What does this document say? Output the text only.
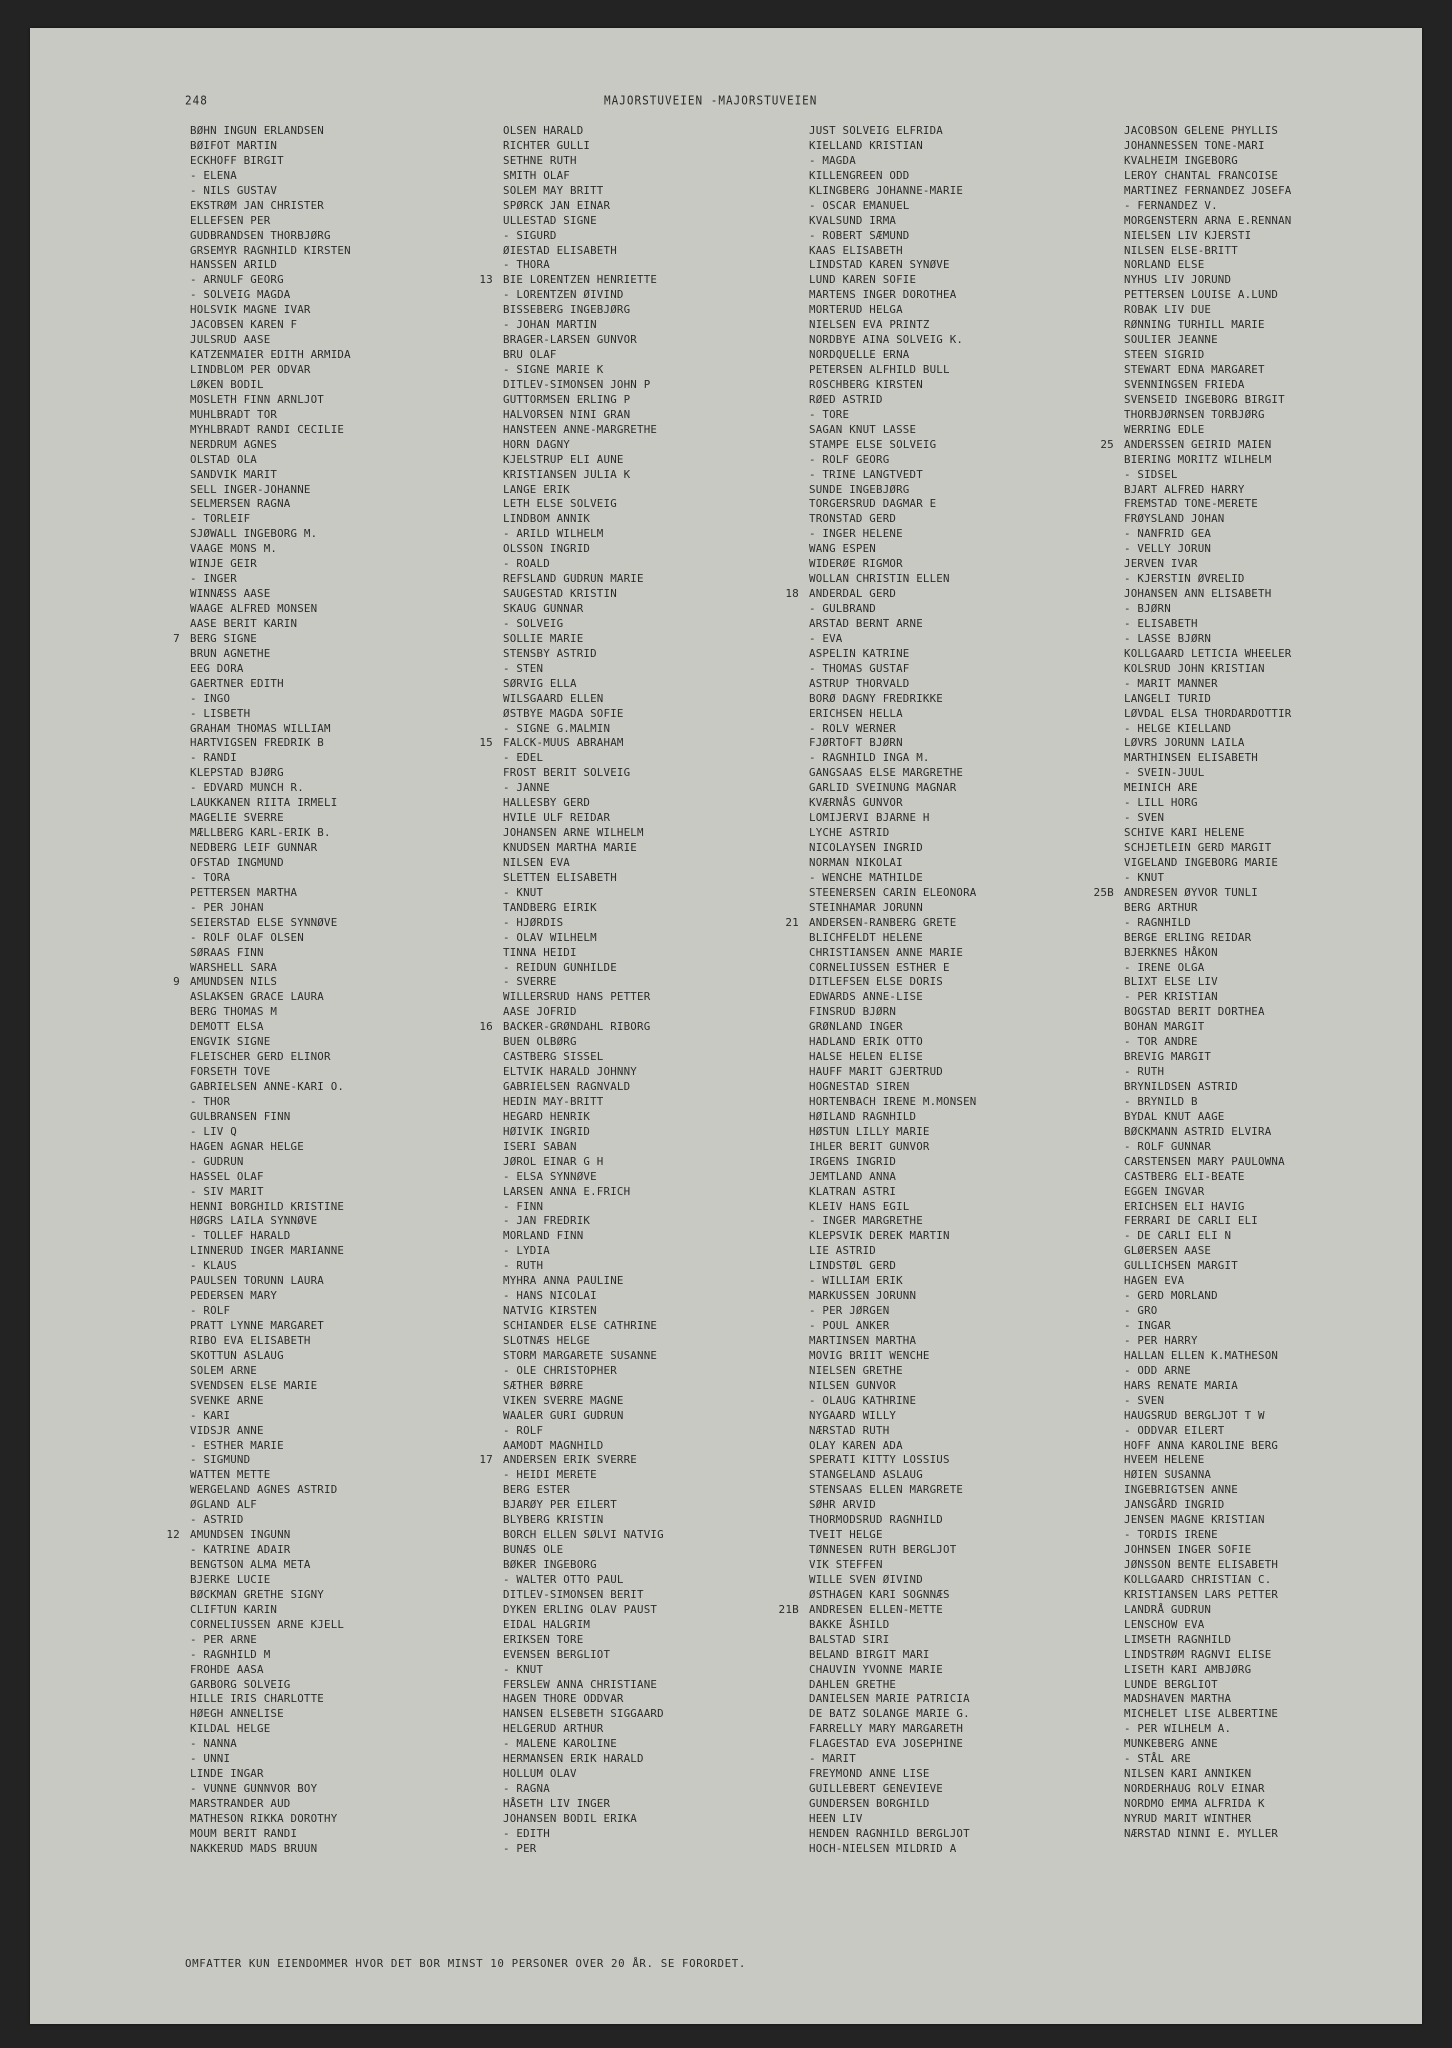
248	MAJORSTUVEIEN -MAJORSTUVEIEN
BØHN INGUN ERLANDSEN
BØIFOT MARTIN
ECKHOFF BIRGIT
- ELENA
- NILS GUSTAV
EKSTRØM JAN CHRISTER
ELLEFSEN PER
GUDBRANDSEN THORBJØRG
GRSEMYR RAGNHILD KIRSTEN
HANSSEN ARILD
- ARNULF GEORG
- SOLVEIG MAGDA
HOLSVIK MAGNE IVAR
JACOBSEN KAREN F
JULSRUD AASE
KATZENMAIER EDITH ARMIDA
LINDBLOM PER ODVAR
LØKEN BODIL
MOSLETH FINN ARNLJOT
MUHLBRADT TOR
MYHLBRADT RANDI CECILIE
NERDRUM AGNES
OLSTAD OLA
SANDVIK MARIT
SELL INGER-JOHANNE
SELMERSEN RAGNA
- TORLEIF
SJØWALL INGEBORG M.
VAAGE MONS M.
WINJE GEIR
- INGER
WINNÆSS AASE
WAAGE ALFRED MONSEN
AASE BERIT KARIN
7 BERG SIGNE
BRUN AGNETHE
EEG DORA
GAERTNER EDITH
- INGO
- LISBETH
GRAHAM THOMAS WILLIAM
HARTVIGSEN FREDRIK B
- RANDI
KLEPSTAD BJØRG
- EDVARD MUNCH R.
LAUKKANEN RIITA IRMELI
MAGELIE SVERRE
MÆLLBERG KARL-ERIK B.
NEDBERG LEIF GUNNAR
OFSTAD INGMUND
- TORA
PETTERSEN MARTHA
- PER JOHAN
SEIERSTAD ELSE SYNNØVE
- ROLF OLAF OLSEN
SØRAAS FINN
WARSHELL SARA
9 AMUNDSEN NILS
ASLAKSEN GRACE LAURA
BERG THOMAS M
DEMOTT ELSA
ENGVIK SIGNE
FLEISCHER GERD ELINOR
FORSETH TOVE
GABRIELSEN ANNE-KARI O.
- THOR
GULBRANSEN FINN
- LIV Q
HAGEN AGNAR HELGE
- GUDRUN
HASSEL OLAF
- SIV MARIT
HENNI BORGHILD KRISTINE
HØGRS LAILA SYNNØVE
- TOLLEF HARALD
LINNERUD INGER MARIANNE
- KLAUS
PAULSEN TORUNN LAURA
PEDERSEN MARY
- ROLF
PRATT LYNNE MARGARET
RIBO EVA ELISABETH
SKOTTUN ASLAUG
SOLEM ARNE
SVENDSEN ELSE MARIE
SVENKE ARNE
- KARI
VIDSJR ANNE
- ESTHER MARIE
- SIGMUND
WATTEN METTE
WERGELAND AGNES ASTRID
ØGLAND ALF
- ASTRID
12 AMUNDSEN INGUNN
- KATRINE ADAIR
BENGTSON ALMA META
BJERKE LUCIE
BØCKMAN GRETHE SIGNY
CLIFTUN KARIN
CORNELIUSSEN ARNE KJELL
- PER ARNE
- RAGNHILD M
FROHDE AASA
GARBORG SOLVEIG
HILLE IRIS CHARLOTTE
HØEGH ANNELISE
KILDAL HELGE
- NANNA
- UNNI
LINDE INGAR
- VUNNE GUNNVOR BOY
MARSTRANDER AUD
MATHESON RIKKA DOROTHY
MOUM BERIT RANDI
NAKKERUD MADS BRUUN
OLSEN HARALD
RICHTER GULLI
SETHNE RUTH
SMITH OLAF
SOLEM MAY BRITT
SPØRCK JAN EINAR
ULLESTAD SIGNE
- SIGURD
ØIESTAD ELISABETH
- THORA
13 BIE LORENTZEN HENRIETTE
- LORENTZEN ØIVIND
BISSEBERG INGEBJØRG
- JOHAN MARTIN
BRAGER-LARSEN GUNVOR
BRU OLAF
- SIGNE MARIE K
DITLEV-SIMONSEN JOHN P
GUTTORMSEN ERLING P
HALVORSEN NINI GRAN
HANSTEEN ANNE-MARGRETHE
HORN DAGNY
KJELSTRUP ELI AUNE
KRISTIANSEN JULIA K
LANGE ERIK
LETH ELSE SOLVEIG
LINDBOM ANNIK
- ARILD WILHELM
OLSSON INGRID
- ROALD
REFSLAND GUDRUN MARIE
SAUGESTAD KRISTIN
SKAUG GUNNAR
- SOLVEIG
SOLLIE MARIE
STENSBY ASTRID
- STEN
SØRVIG ELLA
WILSGAARD ELLEN
ØSTBYE MAGDA SOFIE
- SIGNE G.MALMIN
15 FALCK-MUUS ABRAHAM
- EDEL
FROST BERIT SOLVEIG
- JANNE
HALLESBY GERD
HVILE ULF REIDAR
JOHANSEN ARNE WILHELM
KNUDSEN MARTHA MARIE
NILSEN EVA
SLETTEN ELISABETH
- KNUT
TANDBERG EIRIK
- HJØRDIS
- OLAV WILHELM
TINNA HEIDI
- REIDUN GUNHILDE
- SVERRE
WILLERSRUD HANS PETTER
AASE JOFRID
16 BACKER-GRØNDAHL RIBORG
BUEN OLBØRG
CASTBERG SISSEL
ELTVIK HARALD JOHNNY
GABRIELSEN RAGNVALD
HEDIN MAY-BRITT
HEGARD HENRIK
HØIVIK INGRID
ISERI SABAN
JØROL EINAR G H
- ELSA SYNNØVE
LARSEN ANNA E.FRICH
- FINN
- JAN FREDRIK
MORLAND FINN
- LYDIA
- RUTH
MYHRA ANNA PAULINE
- HANS NICOLAI
NATVIG KIRSTEN
SCHIANDER ELSE CATHRINE
SLOTNÆS HELGE
STORM MARGARETE SUSANNE
- OLE CHRISTOPHER
SÆTHER BØRRE
VIKEN SVERRE MAGNE
WAALER GURI GUDRUN
- ROLF
AAMODT MAGNHILD
17 ANDERSEN ERIK SVERRE
- HEIDI MERETE
BERG ESTER
BJARØY PER EILERT
BLYBERG KRISTIN
BORCH ELLEN SØLVI NATVIG
BUNÆS OLE
BØKER INGEBORG
- WALTER OTTO PAUL
DITLEV-SIMONSEN BERIT
DYKEN ERLING OLAV PAUST
EIDAL HALGRIM
ERIKSEN TORE
EVENSEN BERGLIOT
- KNUT
FERSLEW ANNA CHRISTIANE
HAGEN THORE ODDVAR
HANSEN ELSEBETH SIGGAARD
HELGERUD ARTHUR
- MALENE KAROLINE
HERMANSEN ERIK HARALD
HOLLUM OLAV
- RAGNA
HÅSETH LIV INGER
JOHANSEN BODIL ERIKA
- EDITH
- PER
JUST SOLVEIG ELFRIDA
KIELLAND KRISTIAN
- MAGDA
KILLENGREEN ODD
KLINGBERG JOHANNE-MARIE
- OSCAR EMANUEL
KVALSUND IRMA
- ROBERT SÆMUND
KAAS ELISABETH
LINDSTAD KAREN SYNØVE
LUND KAREN SOFIE
MARTENS INGER DOROTHEA
MORTERUD HELGA
NIELSEN EVA PRINTZ
NORDBYE AINA SOLVEIG K.
NORDQUELLE ERNA
PETERSEN ALFHILD BULL
ROSCHBERG KIRSTEN
RØED ASTRID
- TORE
SAGAN KNUT LASSE
STAMPE ELSE SOLVEIG
- ROLF GEORG
- TRINE LANGTVEDT
SUNDE INGEBJØRG
TORGERSRUD DAGMAR E
TRONSTAD GERD
- INGER HELENE
WANG ESPEN
WIDERØE RIGMOR
WOLLAN CHRISTIN ELLEN
18 ANDERDAL GERD
- GULBRAND
ARSTAD BERNT ARNE
- EVA
ASPELIN KATRINE
- THOMAS GUSTAF
ASTRUP THORVALD
BORØ DAGNY FREDRIKKE
ERICHSEN HELLA
- ROLV WERNER
FJØRTOFT BJØRN
- RAGNHILD INGA M.
GANGSAAS ELSE MARGRETHE
GARLID SVEINUNG MAGNAR
KVÆRNÅS GUNVOR
LOMIJERVI BJARNE H
LYCHE ASTRID
NICOLAYSEN INGRID
NORMAN NIKOLAI
- WENCHE MATHILDE
STEENERSEN CARIN ELEONORA
STEINHAMAR JORUNN
21 ANDERSEN-RANBERG GRETE
BLICHFELDT HELENE
CHRISTIANSEN ANNE MARIE
CORNELIUSSEN ESTHER E
DITLEFSEN ELSE DORIS
EDWARDS ANNE-LISE
FINSRUD BJØRN
GRØNLAND INGER
HADLAND ERIK OTTO
HALSE HELEN ELISE
HAUFF MARIT GJERTRUD
HOGNESTAD SIREN
HORTENBACH IRENE M.MONSEN
HØILAND RAGNHILD
HØSTUN LILLY MARIE
IHLER BERIT GUNVOR
IRGENS INGRID
JEMTLAND ANNA
KLATRAN ASTRI
KLEIV HANS EGIL
- INGER MARGRETHE
KLEPSVIK DEREK MARTIN
LIE ASTRID
LINDSTØL GERD
- WILLIAM ERIK
MARKUSSEN JORUNN
- PER JØRGEN
- POUL ANKER
MARTINSEN MARTHA
MOVIG BRIIT WENCHE
NIELSEN GRETHE
NILSEN GUNVOR
- OLAUG KATHRINE
NYGAARD WILLY
NÆRSTAD RUTH
OLAY KAREN ADA
SPERATI KITTY LOSSIUS
STANGELAND ASLAUG
STENSAAS ELLEN MARGRETE
SØHR ARVID
THORMODSRUD RAGNHILD
TVEIT HELGE
TØNNESEN RUTH BERGLJOT
VIK STEFFEN
WILLE SVEN ØIVIND
ØSTHAGEN KARI SOGNNÆS
21B ANDRESEN ELLEN-METTE
BAKKE ÅSHILD
BALSTAD SIRI
BELAND BIRGIT MARI
CHAUVIN YVONNE MARIE
DAHLEN GRETHE
DANIELSEN MARIE PATRICIA
DE BATZ SOLANGE MARIE G.
FARRELLY MARY MARGARETH
FLAGESTAD EVA JOSEPHINE
- MARIT
FREYMOND ANNE LISE
GUILLEBERT GENEVIEVE
GUNDERSEN BORGHILD
HEEN LIV
HENDEN RAGNHILD BERGLJOT
HOCH-NIELSEN MILDRID A
JACOBSON GELENE PHYLLIS
JOHANNESSEN TONE-MARI
KVALHEIM INGEBORG
LEROY CHANTAL FRANCOISE
MARTINEZ FERNANDEZ JOSEFA
- FERNANDEZ V.
MORGENSTERN ARNA E.RENNAN
NIELSEN LIV KJERSTI
NILSEN ELSE-BRITT
NORLAND ELSE
NYHUS LIV JORUND
PETTERSEN LOUISE A.LUND
ROBAK LIV DUE
RØNNING TURHILL MARIE
SOULIER JEANNE
STEEN SIGRID
STEWART EDNA MARGARET
SVENNINGSEN FRIEDA
SVENSEID INGEBORG BIRGIT
THORBJØRNSEN TORBJØRG
WERRING EDLE
25 ANDERSSEN GEIRID MAIEN
BIERING MORITZ WILHELM
- SIDSEL
BJART ALFRED HARRY
FREMSTAD TONE-MERETE
FRØYSLAND JOHAN
- NANFRID GEA
- VELLY JORUN
JERVEN IVAR
- KJERSTIN ØVRELID
JOHANSEN ANN ELISABETH
- BJØRN
- ELISABETH
- LASSE BJØRN
KOLLGAARD LETICIA WHEELER
KOLSRUD JOHN KRISTIAN
- MARIT MANNER
LANGELI TURID
LØVDAL ELSA THORDARDOTTIR
- HELGE KIELLAND
LØVRS JORUNN LAILA
MARTHINSEN ELISABETH
- SVEIN-JUUL
MEINICH ARE
- LILL HORG
- SVEN
SCHIVE KARI HELENE
SCHJETLEIN GERD MARGIT
VIGELAND INGEBORG MARIE
- KNUT
25B ANDRESEN ØYVOR TUNLI
BERG ARTHUR
- RAGNHILD
BERGE ERLING REIDAR
BJERKNES HÅKON
- IRENE OLGA
BLIXT ELSE LIV
- PER KRISTIAN
BOGSTAD BERIT DORTHEA
BOHAN MARGIT
- TOR ANDRE
BREVIG MARGIT
- RUTH
BRYNILDSEN ASTRID
- BRYNILD B
BYDAL KNUT AAGE
BØCKMANN ASTRID ELVIRA
- ROLF GUNNAR
CARSTENSEN MARY PAULOWNA
CASTBERG ELI-BEATE
EGGEN INGVAR
ERICHSEN ELI HAVIG
FERRARI DE CARLI ELI
- DE CARLI ELI N
GLØERSEN AASE
GULLICHSEN MARGIT
HAGEN EVA
- GERD MORLAND
- GRO
- INGAR
- PER HARRY
HALLAN ELLEN K.MATHESON
- ODD ARNE
HARS RENATE MARIA
- SVEN
HAUGSRUD BERGLJOT T W
- ODDVAR EILERT
HOFF ANNA KAROLINE BERG
HVEEM HELENE
HØIEN SUSANNA
INGEBRIGTSEN ANNE
JANSGÅRD INGRID
JENSEN MAGNE KRISTIAN
- TORDIS IRENE
JOHNSEN INGER SOFIE
JØNSSON BENTE ELISABETH
KOLLGAARD CHRISTIAN C.
KRISTIANSEN LARS PETTER
LANDRÅ GUDRUN
LENSCHOW EVA
LIMSETH RAGNHILD
LINDSTRØM RAGNVI ELISE
LISETH KARI AMBJØRG
LUNDE BERGLIOT
MADSHAVEN MARTHA
MICHELET LISE ALBERTINE
- PER WILHELM A.
MUNKEBERG ANNE
- STÅL ARE
NILSEN KARI ANNIKEN
NORDERHAUG ROLV EINAR
NORDMO EMMA ALFRIDA K
NYRUD MARIT WINTHER
NÆRSTAD NINNI E. MYLLER
OMFATTER KUN EIENDOMMER HVOR DET BOR MINST 10 PERSONER OVER 20 ÅR. SE FORORDET.
